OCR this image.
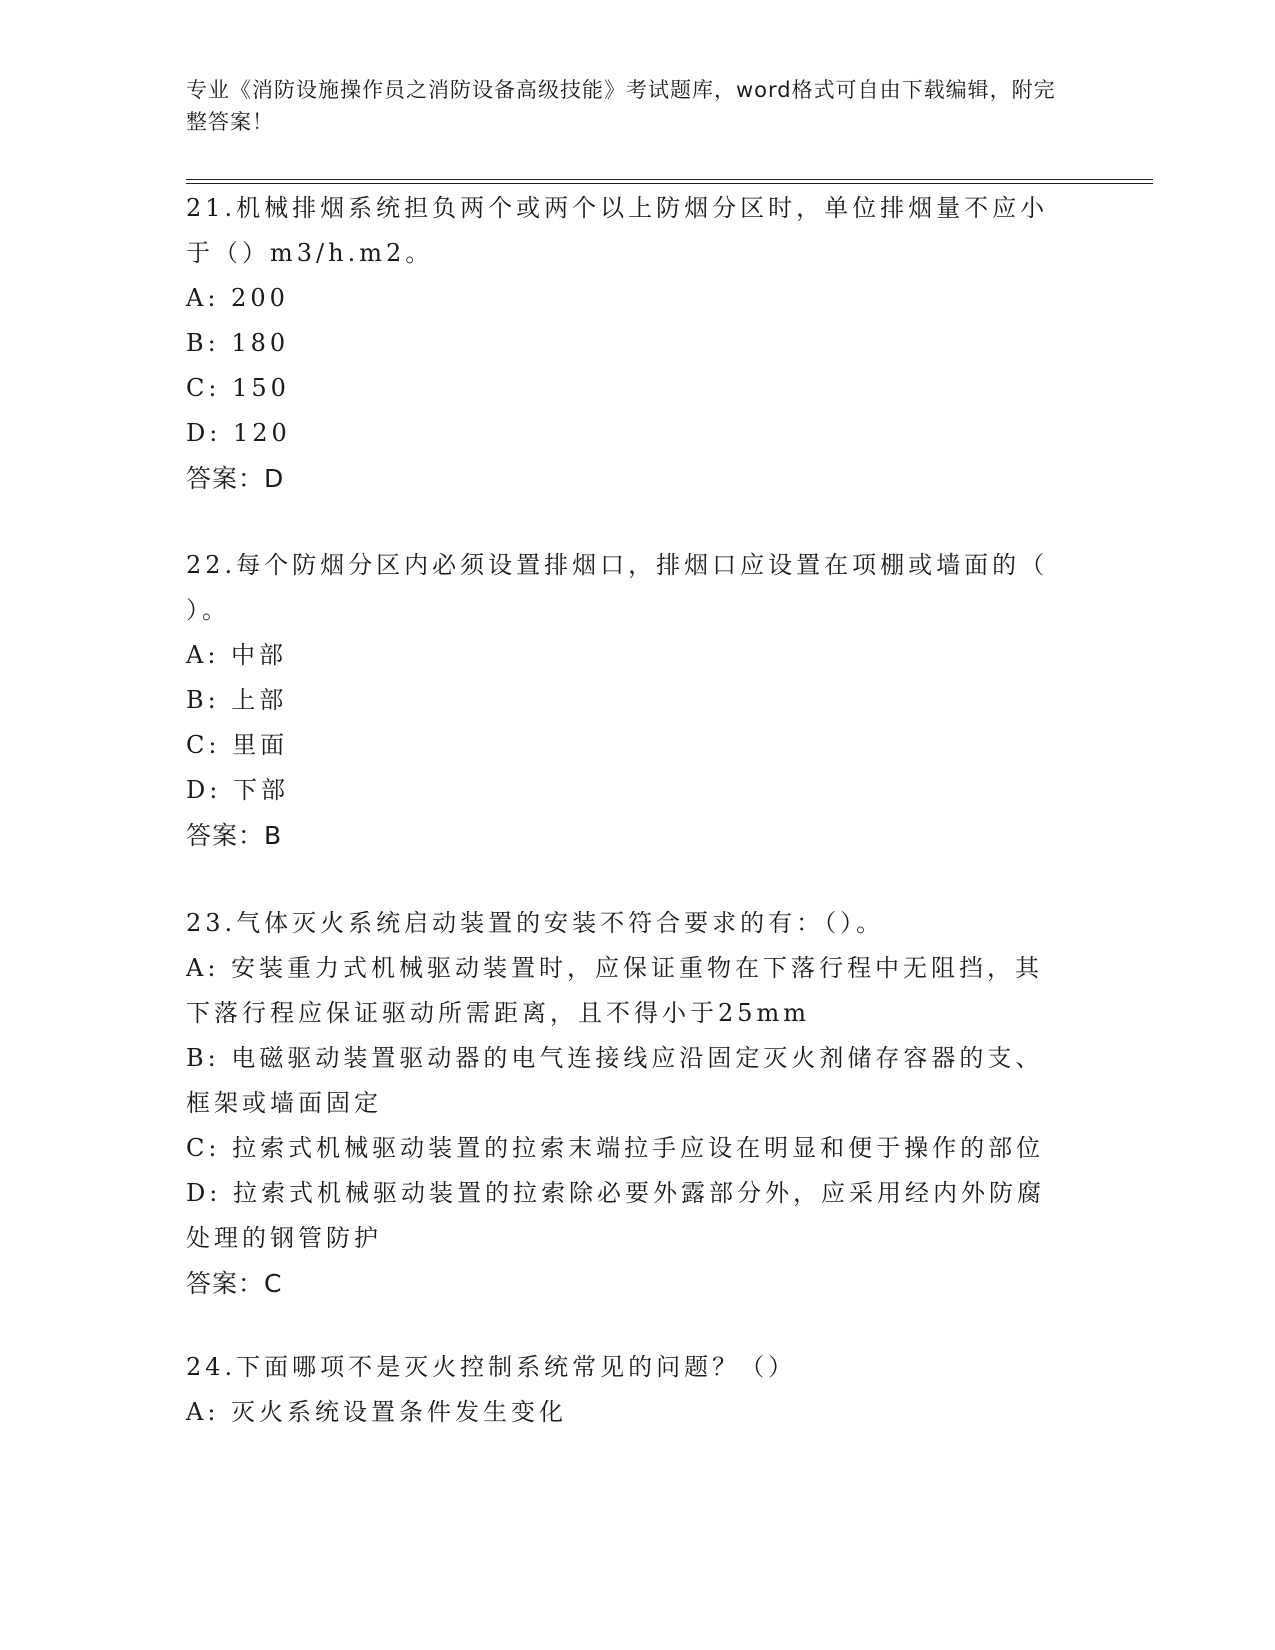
专业《消防设施操作员之消防设备高级技能》考试题库，word格式可自由下载编辑，附完整答案！

21.机械排烟系统担负两个或两个以上防烟分区时，单位排烟量不应小

于（）m3/h.m2。

A: 200

B: 180

C: 150

D: 120

答案：D

22.每个防烟分区内必须设置排烟口，排烟口应设置在项棚或墙面的（

）。

A: 中部

B: 上部

C: 里面

D: 下部

答案：B

23.气体灭火系统启动装置的安装不符合要求的有：（）。

A: 安装重力式机械驱动装置时，应保证重物在下落行程中无阻挡，其
下落行程应保证驱动所需距离，且不得小于25mm

B: 电磁驱动装置驱动器的电气连接线应沿固定灭火剂储存容器的支、
框架或墙面固定

C: 拉索式机械驱动装置的拉索末端拉手应设在明显和便于操作的部位

D: 拉索式机械驱动装置的拉索除必要外露部分外，应采用经内外防腐
处理的钢管防护

答案：C

24.下面哪项不是灭火控制系统常见的问题？（）

A: 灭火系统设置条件发生变化
